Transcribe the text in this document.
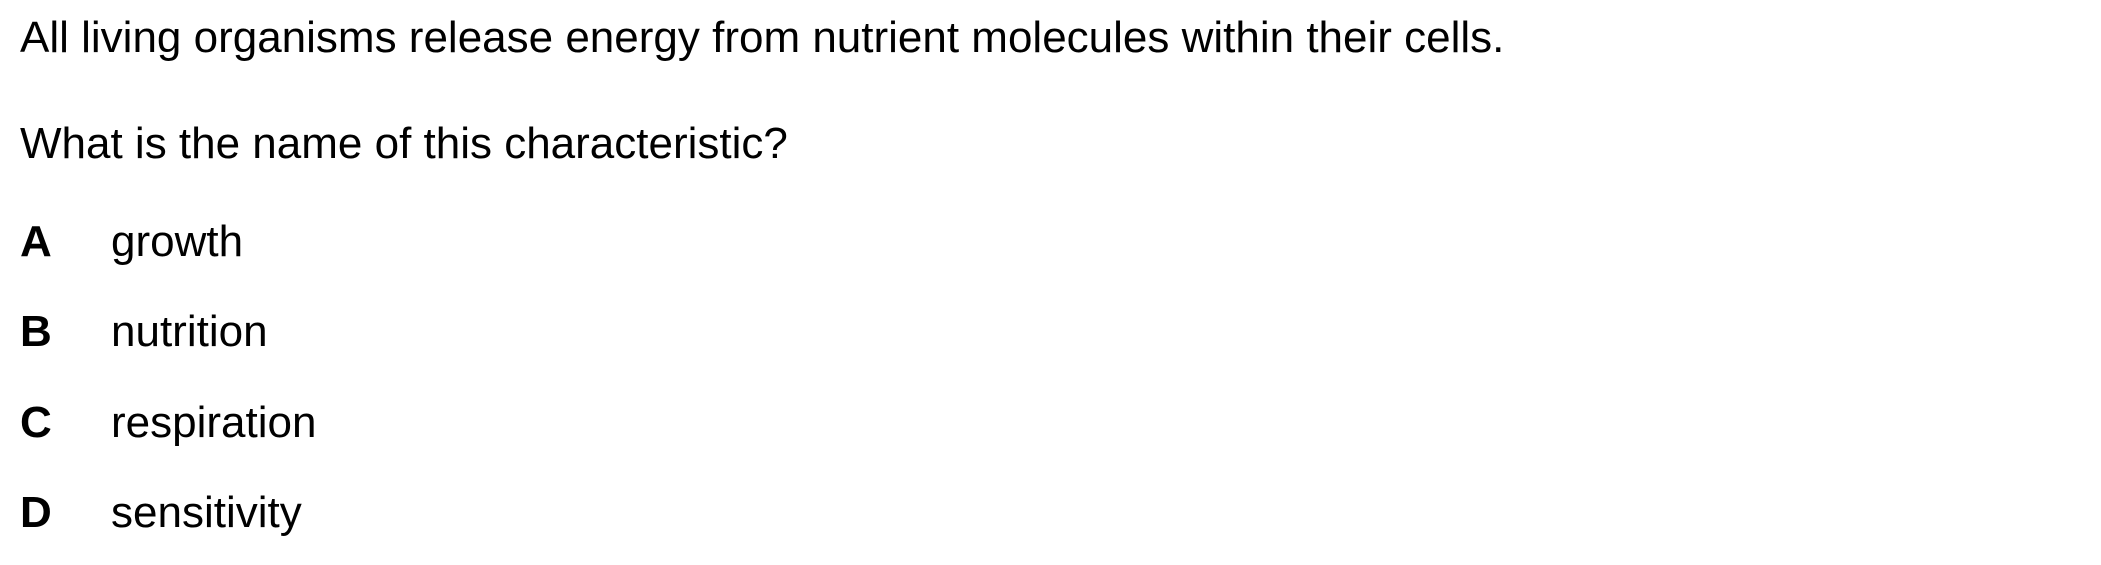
All living organisms release energy from nutrient molecules within their cells.
What is the name of this characteristic?
A	growth
B	nutrition
C	respiration
D	sensitivity
